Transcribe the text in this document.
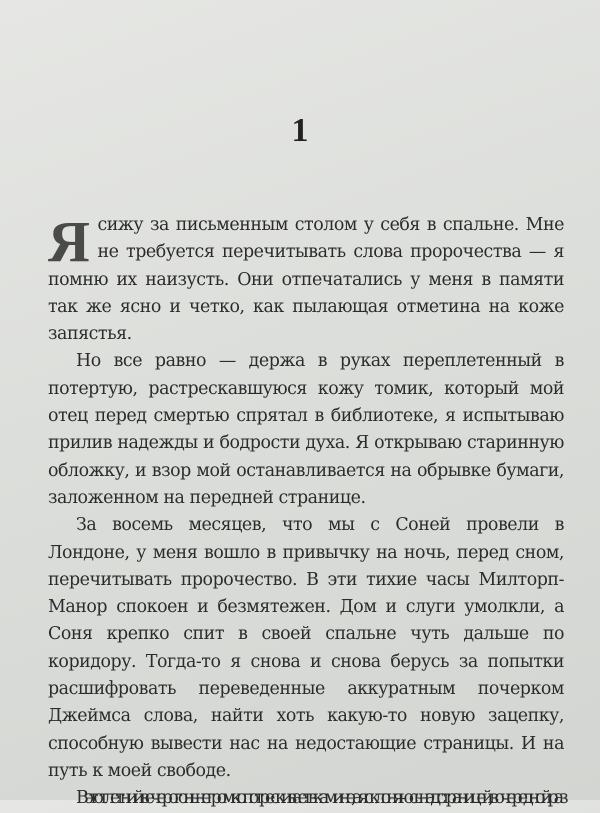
1

Ясижу за письменным столом у себя в спальне. Мне не требуется перечитывать слова пророчества — я помню их наизусть. Они отпечатались у меня в памяти так же ясно и четко, как пылающая отметина на коже запястья.

Но все равно — держа в руках переплетенный в потертую, растрескавшуюся кожу томик, который мой отец перед смертью спрятал в библиотеке, я испытываю прилив надежды и бодрости духа. Я открываю старинную обложку, и взор мой останавливается на обрывке бумаги, заложенном на передней странице.

За восемь месяцев, что мы с Соней провели в Лондоне, у меня вошло в привычку на ночь, перед сном, перечитывать пророчество. В эти тихие часы Милторп-Манор спокоен и безмятежен. Дом и слуги умолкли, а Соня крепко спит в своей спальне чуть дальше по коридору. Тогда-то я снова и снова берусь за попытки расшифровать переведенные аккуратным почерком Джеймса слова, найти хоть какую-то новую зацепку, способную вывести нас на недостающие страницы. И на путь к моей свободе.

В этот летний вечер огонь негромко потрескивает в камине, а я склоняюсь над страницей, в очередной раз
